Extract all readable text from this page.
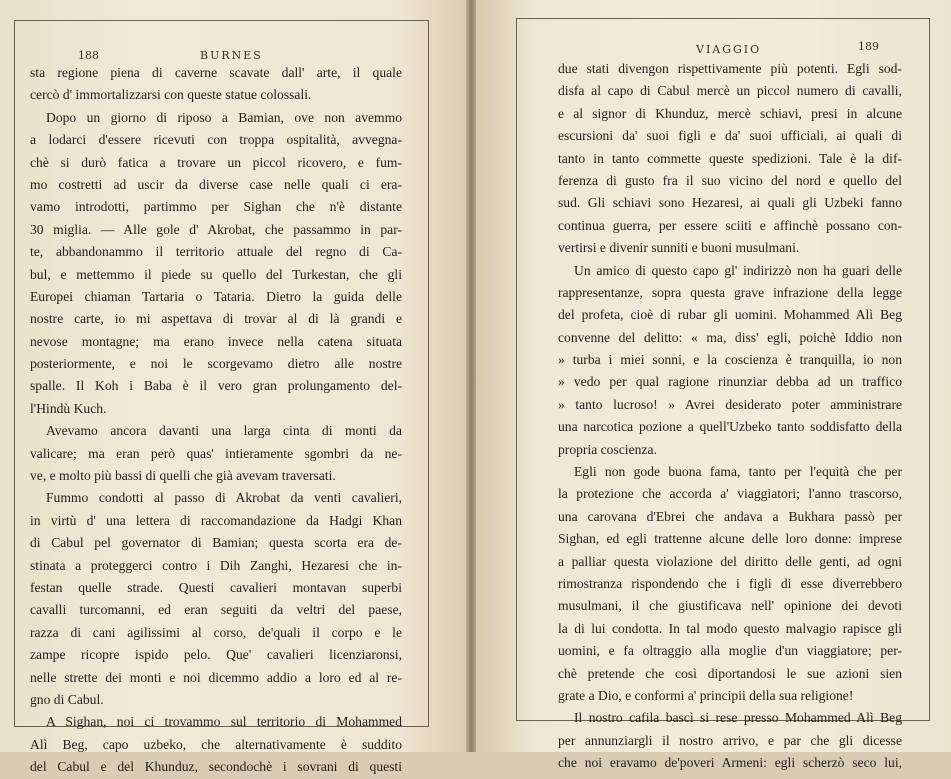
188	BURNES
sta regione piena di caverne scavate dall' arte, il quale
cercò d' immortalizzarsi con queste statue colossali.
Dopo un giorno di riposo a Bamian, ove non avemmo
a lodarci d'essere ricevuti con troppa ospitalità, avvegna-
chè si durò fatica a trovare un piccol ricovero, e fum-
mo costretti ad uscir da diverse case nelle quali ci era-
vamo introdotti, partimmo per Sighan che n'è distante
30 miglia. — Alle gole d' Akrobat, che passammo in par-
te, abbandonammo il territorio attuale del regno di Ca-
bul, e mettemmo il piede su quello del Turkestan, che gli
Europei chiaman Tartaria o Tataria. Dietro la guida delle
nostre carte, io mi aspettava di trovar al di là grandi e
nevose montagne; ma erano invece nella catena situata
posteriormente, e noi le scorgevamo dietro alle nostre
spalle. Il Koh i Baba è il vero gran prolungamento del-
l'Hindù Kuch.
Avevamo ancora davanti una larga cinta di monti da
valicare; ma eran però quas' intieramente sgombri da ne-
ve, e molto più bassi di quelli che già avevam traversati.
Fummo condotti al passo di Akrobat da venti cavalieri,
in virtù d' una lettera di raccomandazione da Hadgi Khan
di Cabul pel governator di Bamian; questa scorta era de-
stinata a proteggerci contro i Dih Zanghi, Hezaresi che in-
festan quelle strade. Questi cavalieri montavan superbi
cavalli turcomanni, ed eran seguiti da veltri del paese,
razza di cani agilissimi al corso, de'quali il corpo e le
zampe ricopre ispido pelo. Que' cavalieri licenziaronsi,
nelle strette dei monti e noi dicemmo addio a loro ed al re-
gno di Cabul.
A Sighan, noi ci trovammo sul territorio di Mohammed
Alì Beg, capo uzbeko, che alternativamente è suddito
del Cabul e del Khunduz, secondochè i sovrani di questi
VIAGGIO	189
due stati divengon rispettivamente più potenti. Egli sod-
disfa al capo di Cabul mercè un piccol numero di cavalli,
e al signor di Khunduz, mercè schiavi, presi in alcune
escursioni da' suoi figli e da' suoi ufficiali, ai quali di
tanto in tanto commette queste spedizioni. Tale è la dif-
ferenza di gusto fra il suo vicino del nord e quello del
sud. Gli schiavi sono Hezaresi, ai quali gli Uzbeki fanno
continua guerra, per essere sciiti e affinchè possano con-
vertirsi e divenir sunniti e buoni musulmani.
Un amico di questo capo gl' indirizzò non ha guari delle
rappresentanze, sopra questa grave infrazione della legge
del profeta, cioè di rubar gli uomini. Mohammed Alì Beg
convenne del delitto: « ma, diss' egli, poichè Iddio non
» turba i miei sonni, e la coscienza è tranquilla, io non
» vedo per qual ragione rinunziar debba ad un traffico
» tanto lucroso! » Avrei desiderato poter amministrare
una narcotica pozione a quell'Uzbeko tanto soddisfatto della
propria coscienza.
Egli non gode buona fama, tanto per l'equità che per
la protezione che accorda a' viaggiatori; l'anno trascorso,
una carovana d'Ebrei che andava a Bukhara passò per
Sighan, ed egli trattenne alcune delle loro donne: imprese
a palliar questa violazione del diritto delle genti, ad ogni
rimostranza rispondendo che i figli di esse diverrebbero
musulmani, il che giustificava nell' opinione dei devoti
la di lui condotta. In tal modo questo malvagio rapisce gli
uomini, e fa oltraggio alla moglie d'un viaggiatore; per-
chè pretende che così diportandosi le sue azioni sien
grate a Dio, e conformi a' principii della sua religione!
Il nostro cafila bascì si rese presso Mohammed Alì Beg
per annunziargli il nostro arrivo, e par che gli dicesse
che noi eravamo de'poveri Armeni: egli scherzò seco lui,
